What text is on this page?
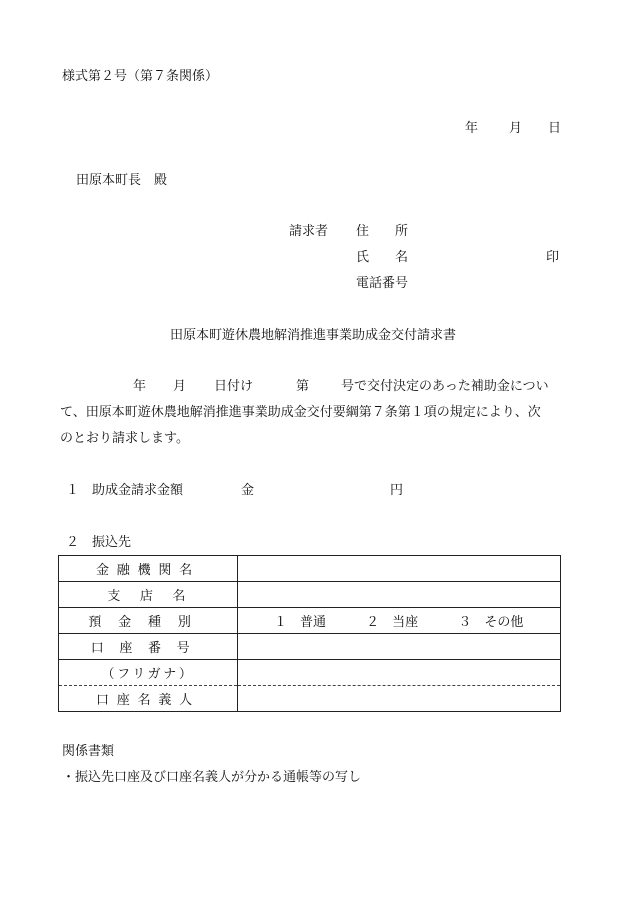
様式第２号（第７条関係）
年 月 日
田原本町長　殿
請求者 住　　所
氏　　名	印
電話番号
田原本町遊休農地解消推進事業助成金交付請求書
年 月 日付け	第 号で交付決定のあった補助金につい
て、田原本町遊休農地解消推進事業助成金交付要綱第７条第１項の規定により、次
のとおり請求します。
１　助成金請求金額	金	円
２　振込先
金融機関名	
支　店　名	
預金種別	１　普通 ２　当座 ３　その他
口座番号	
（フリガナ）	
口座名義人	
関係書類
・振込先口座及び口座名義人が分かる通帳等の写し
